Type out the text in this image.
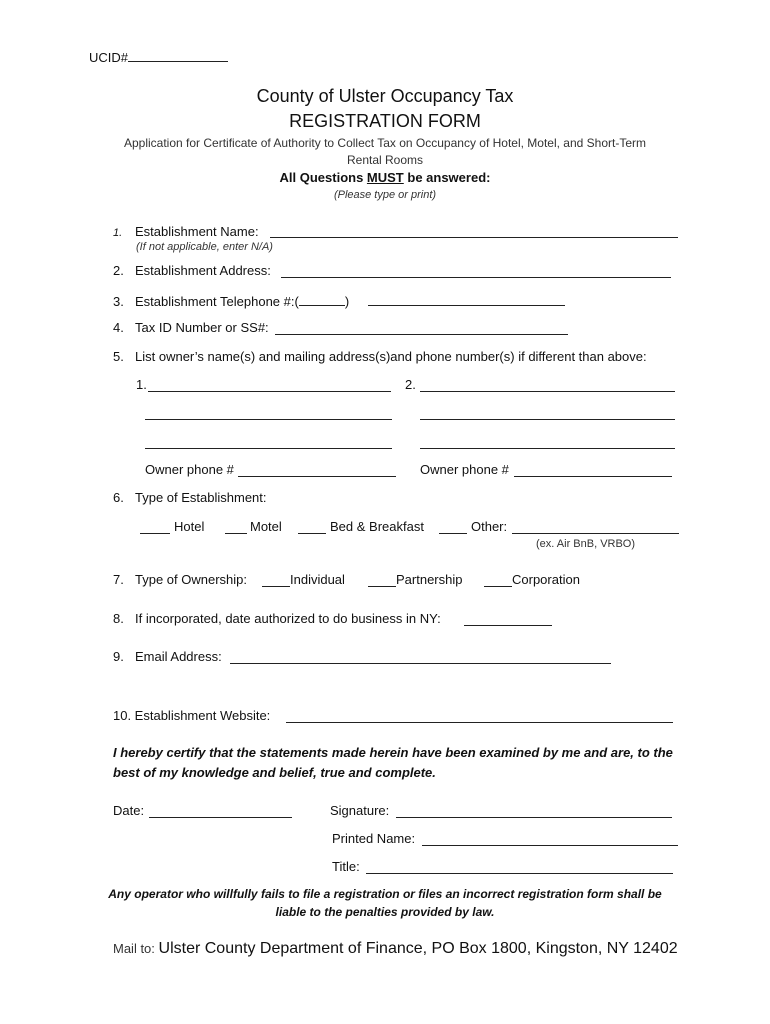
UCID#
County of Ulster Occupancy Tax
REGISTRATION FORM
Application for Certificate of Authority to Collect Tax on Occupancy of Hotel, Motel, and Short-Term
Rental Rooms
All Questions MUST be answered:
(Please type or print)
1. Establishment Name:
(If not applicable, enter N/A)
2. Establishment Address:
3. Establishment Telephone #:(	)
4. Tax ID Number or SS#:
5. List owner’s name(s) and mailing address(s)and phone number(s) if different than above:
1.	2.
Owner phone #	Owner phone #
6. Type of Establishment:
Hotel	Motel	Bed & Breakfast	Other:
(ex. Air BnB, VRBO)
7. Type of Ownership:	Individual	Partnership	Corporation
8. If incorporated, date authorized to do business in NY:
9. Email Address:
10. Establishment Website:
I hereby certify that the statements made herein have been examined by me and are, to the
best of my knowledge and belief, true and complete.
Date:	Signature:
Printed Name:
Title:
Any operator who willfully fails to file a registration or files an incorrect registration form shall be
liable to the penalties provided by law.
Mail to: Ulster County Department of Finance, PO Box 1800, Kingston, NY 12402
